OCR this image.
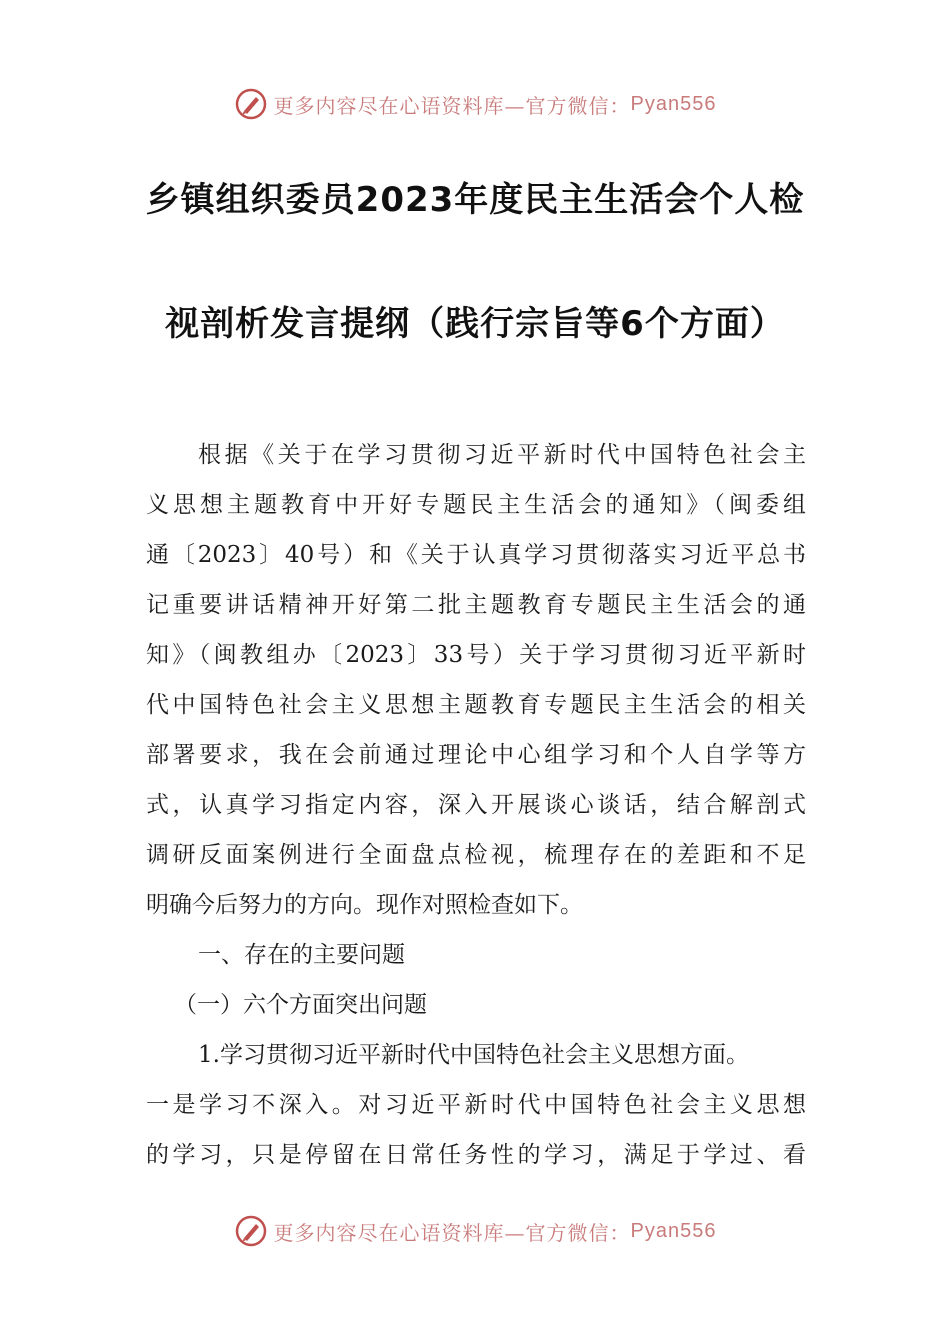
更多内容尽在心语资料库—官方微信： Pyan556
乡镇组织委员2023年度民主生活会个人检
视剖析发言提纲（践行宗旨等6个方面）
根据《关于在学习贯彻习近平新时代中国特色社会主
义思想主题教育中开好专题民主生活会的通知》（闽委组
通〔2023〕40号）和《关于认真学习贯彻落实习近平总书
记重要讲话精神开好第二批主题教育专题民主生活会的通
知》（闽教组办〔2023〕33号）关于学习贯彻习近平新时
代中国特色社会主义思想主题教育专题民主生活会的相关
部署要求，我在会前通过理论中心组学习和个人自学等方
式，认真学习指定内容，深入开展谈心谈话，结合解剖式
调研反面案例进行全面盘点检视，梳理存在的差距和不足
明确今后努力的方向。现作对照检查如下。
一、存在的主要问题
（一）六个方面突出问题
1.学习贯彻习近平新时代中国特色社会主义思想方面。
一是学习不深入。对习近平新时代中国特色社会主义思想
的学习，只是停留在日常任务性的学习，满足于学过、看
更多内容尽在心语资料库—官方微信： Pyan556
